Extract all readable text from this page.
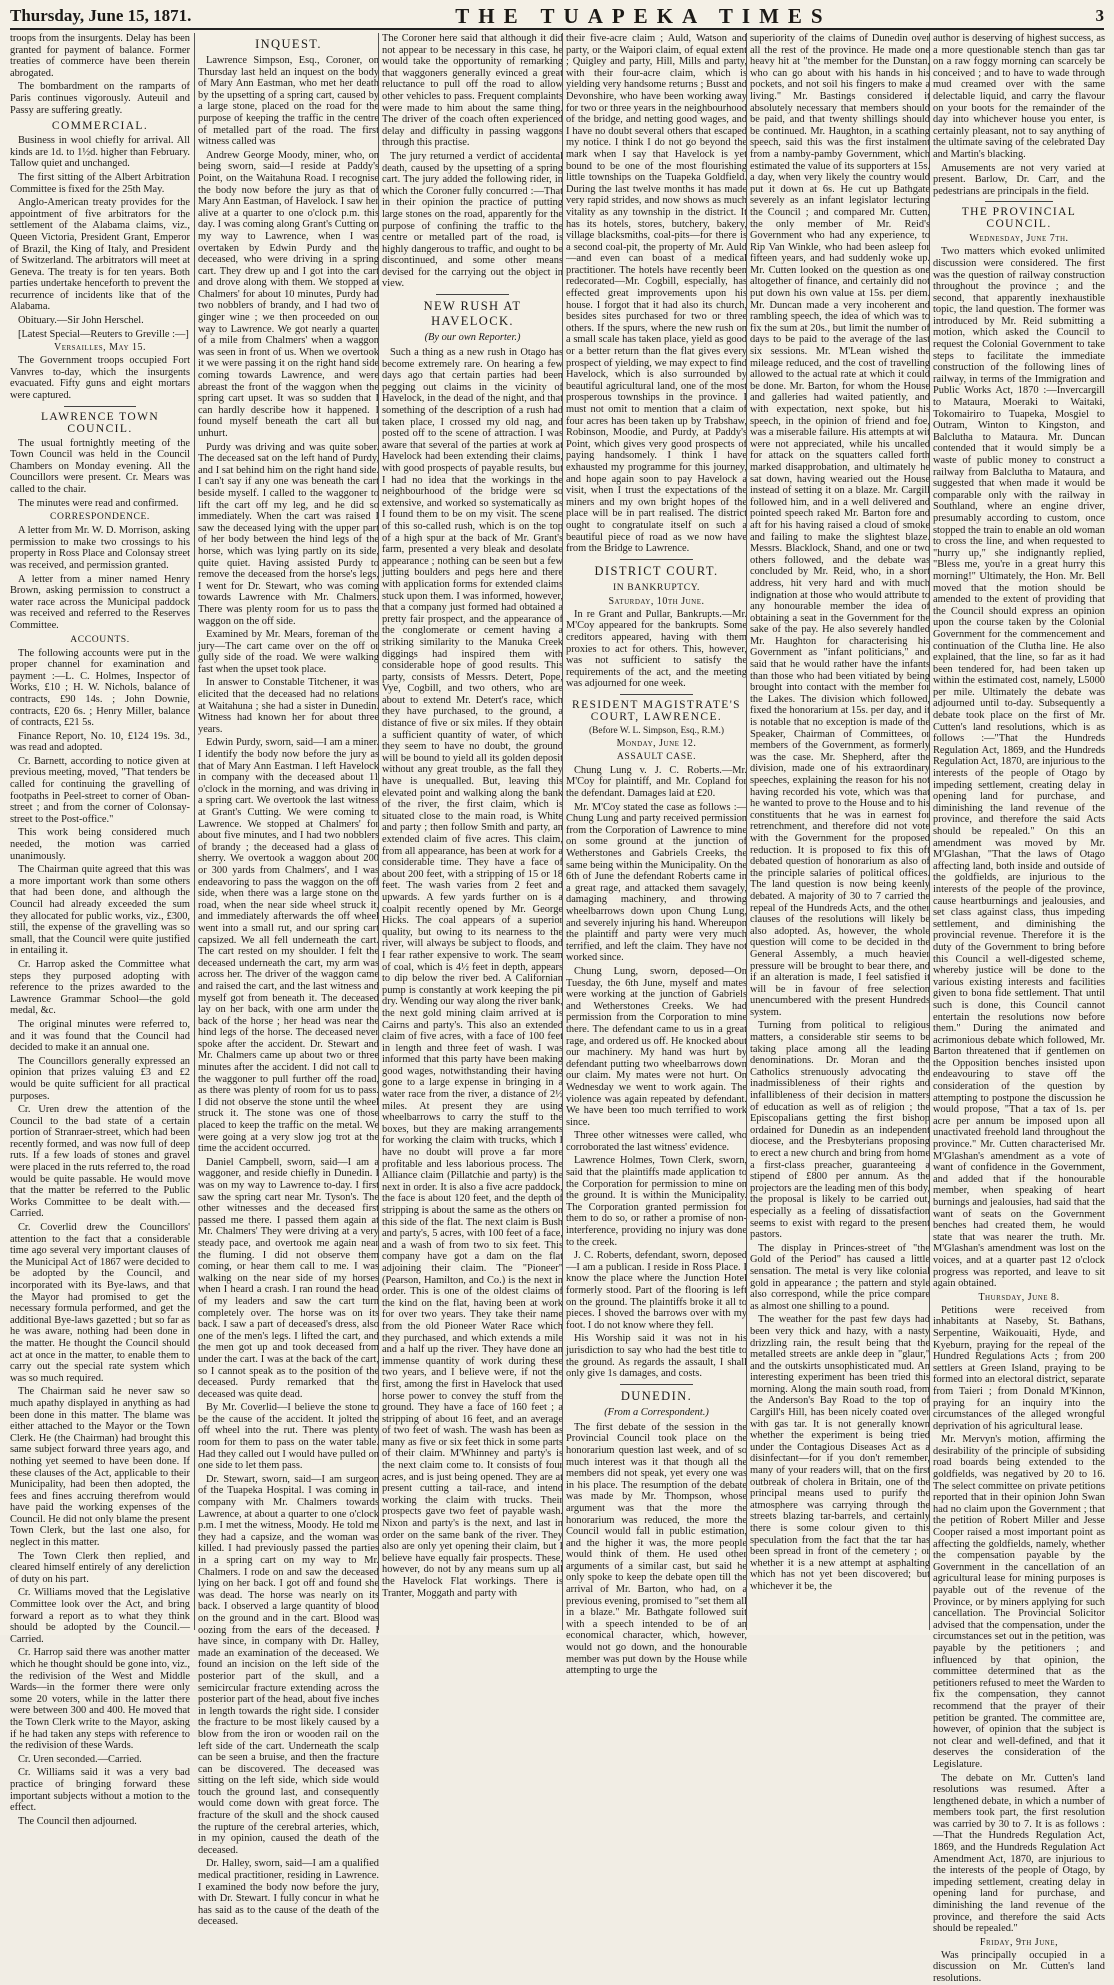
Thursday, June 15, 1871.	THE TUAPEKA TIMES	3

troops from the insurgents. Delay has been granted for payment of balance. Former treaties of commerce have been therein abrogated.

The bombardment on the ramparts of Paris continues vigorously. Auteuil and Passy are suffering greatly.

COMMERCIAL.

Business in wool chiefly for arrival. All kinds are 1d. to 1½d. higher than February. Tallow quiet and unchanged.

The first sitting of the Albert Arbitration Committee is fixed for the 25th May.

Anglo-American treaty provides for the appointment of five arbitrators for the settlement of the Alabama claims, viz., Queen Victoria, President Grant, Emperor of Brazil, the King of Italy, and President of Switzerland. The arbitrators will meet at Geneva. The treaty is for ten years. Both parties undertake henceforth to prevent the recurrence of incidents like that of the Alabama.

Obituary.—Sir John Herschel.

[Latest Special—Reuters to Greville :—]

Versailles, May 15.

The Government troops occupied Fort Vanvres to-day, which the insurgents evacuated. Fifty guns and eight mortars were captured.

LAWRENCE TOWN COUNCIL.

The usual fortnightly meeting of the Town Council was held in the Council Chambers on Monday evening. All the Councillors were present. Cr. Mears was called to the chair.

The minutes were read and confirmed.

CORRESPONDENCE.

A letter from Mr. W. D. Morrison, asking permission to make two crossings to his property in Ross Place and Colonsay street was received, and permission granted.

A letter from a miner named Henry Brown, asking permission to construct a water race across the Municipal paddock was received and referred to the Reserves Committee.

ACCOUNTS.

The following accounts were put in the proper channel for examination and payment :—L. C. Holmes, Inspector of Works, £10 ; H. W. Nichols, balance of contracts, £90 14s. ; John Downie, contracts, £20 6s. ; Henry Miller, balance of contracts, £21 5s.

Finance Report, No. 10, £124 19s. 3d., was read and adopted.

Cr. Barnett, according to notice given at previous meeting, moved, "That tenders be called for continuing the gravelling of footpaths in Peel-street to corner of Oban-street ; and from the corner of Colonsay-street to the Post-office."

This work being considered much needed, the motion was carried unanimously.

The Chairman quite agreed that this was a more important work than some others that had been done, and although the Council had already exceeded the sum they allocated for public works, viz., £300, still, the expense of the gravelling was so small, that the Council were quite justified in entailing it.

Cr. Harrop asked the Committee what steps they purposed adopting with reference to the prizes awarded to the Lawrence Grammar School—the gold medal, &c.

The original minutes were referred to, and it was found that the Council had decided to make it an annual one.

The Councillors generally expressed an opinion that prizes valuing £3 and £2 would be quite sufficient for all practical purposes.

Cr. Uren drew the attention of the Council to the bad state of a certain portion of Stranraer-street, which had been recently formed, and was now full of deep ruts. If a few loads of stones and gravel were placed in the ruts referred to, the road would be quite passable. He would move that the matter be referred to the Public Works Committee to be dealt with.—Carried.

Cr. Coverlid drew the Councillors' attention to the fact that a considerable time ago several very important clauses of the Municipal Act of 1867 were decided to be adopted by the Council, and incorporated with its Bye-laws, and that the Mayor had promised to get the necessary formula performed, and get the additional Bye-laws gazetted ; but so far as he was aware, nothing had been done in the matter. He thought the Council should act at once in the matter, to enable them to carry out the special rate system which was so much required.

The Chairman said he never saw so much apathy displayed in anything as had been done in this matter. The blame was either attached to the Mayor or the Town Clerk. He (the Chairman) had brought this same subject forward three years ago, and nothing yet seemed to have been done. If these clauses of the Act, applicable to their Municipality, had been then adopted, the fees and fines accruing therefrom would have paid the working expenses of the Council. He did not only blame the present Town Clerk, but the last one also, for neglect in this matter.

The Town Clerk then replied, and cleared himself entirely of any dereliction of duty on his part.

Cr. Williams moved that the Legislative Committee look over the Act, and bring forward a report as to what they think should be adopted by the Council.—Carried.

Cr. Harrop said there was another matter which he thought should be gone into, viz., the redivision of the West and Middle Wards—in the former there were only some 20 voters, while in the latter there were between 300 and 400. He moved that the Town Clerk write to the Mayor, asking if he had taken any steps with reference to the redivision of these Wards.

Cr. Uren seconded.—Carried.

Cr. Williams said it was a very bad practice of bringing forward these important subjects without a motion to the effect.

The Council then adjourned.

INQUEST.

Lawrence Simpson, Esq., Coroner, on Thursday last held an inquest on the body of Mary Ann Eastman, who met her death by the upsetting of a spring cart, caused by a large stone, placed on the road for the purpose of keeping the traffic in the centre of metalled part of the road. The first witness called was

Andrew George Moody, miner, who, on being sworn, said—I reside at Paddy's Point, on the Waitahuna Road. I recognise the body now before the jury as that of Mary Ann Eastman, of Havelock. I saw her alive at a quarter to one o'clock p.m. this day. I was coming along Grant's Cutting on my way to Lawrence, when I was overtaken by Edwin Purdy and the deceased, who were driving in a spring cart. They drew up and I got into the cart and drove along with them. We stopped at Chalmers' for about 10 minutes, Purdy had two nobblers of brandy, and I had two of ginger wine ; we then proceeded on our way to Lawrence. We got nearly a quarter of a mile from Chalmers' when a waggon was seen in front of us. When we overtook it we were passing it on the right hand side coming towards Lawrence, and were abreast the front of the waggon when the spring cart upset. It was so sudden that I can hardly describe how it happened. I found myself beneath the cart all but unhurt.

Purdy was driving and was quite sober. The deceased sat on the left hand of Purdy, and I sat behind him on the right hand side. I can't say if any one was beneath the cart beside myself. I called to the waggoner to lift the cart off my leg, and he did so immediately. When the cart was raised I saw the deceased lying with the upper part of her body between the hind legs of the horse, which was lying partly on its side, quite quiet. Having assisted Purdy to remove the deceased from the horse's legs, I went for Dr. Stewart, who was coming towards Lawrence with Mr. Chalmers. There was plenty room for us to pass the waggon on the off side.

Examined by Mr. Mears, foreman of the jury—The cart came over on the off or gully side of the road. We were walking fast when the upset took place.

In answer to Constable Titchener, it was elicited that the deceased had no relations at Waitahuna ; she had a sister in Dunedin. Witness had known her for about three years.

Edwin Purdy, sworn, said—I am a miner. I identify the body now before the jury as that of Mary Ann Eastman. I left Havelock in company with the deceased about 11 o'clock in the morning, and was driving in a spring cart. We overtook the last witness at Grant's Cutting. We were coming to Lawrence. We stopped at Chalmers' for about five minutes, and I had two nobblers of brandy ; the deceased had a glass of sherry. We overtook a waggon about 200 or 300 yards from Chalmers', and I was endeavoring to pass the waggon on the off side, when there was a large stone on the road, when the near side wheel struck it, and immediately afterwards the off wheel went into a small rut, and our spring cart capsized. We all fell underneath the cart. The cart rested on my shoulder. I felt the deceased underneath the cart, my arm was across her. The driver of the waggon came and raised the cart, and the last witness and myself got from beneath it. The deceased lay on her back, with one arm under the back of the horse ; her head was near the hind legs of the horse. The deceased never spoke after the accident. Dr. Stewart and Mr. Chalmers came up about two or three minutes after the accident. I did not call to the waggoner to pull further off the road, as there was plenty of room for us to pass. I did not observe the stone until the wheel struck it. The stone was one of those placed to keep the traffic on the metal. We were going at a very slow jog trot at the time the accident occurred.

Daniel Campbell, sworn, said—I am a waggoner, and reside chiefly in Dunedin. I was on my way to Lawrence to-day. I first saw the spring cart near Mr. Tyson's. The other witnesses and the deceased first passed me there. I passed them again at Mr. Chalmers' They were driving at a very steady pace, and overtook me again near the fluming. I did not observe them coming, or hear them call to me. I was walking on the near side of my horses when I heard a crash. I ran round the head of my leaders and saw the cart turn completely over. The horse was on its back. I saw a part of deceased's dress, also one of the men's legs. I lifted the cart, and the men got up and took deceased from under the cart. I was at the back of the cart, so I cannot speak as to the position of the deceased. Purdy remarked that the deceased was quite dead.

By Mr. Coverlid—I believe the stone to be the cause of the accident. It jolted the off wheel into the rut. There was plenty room for them to pass on the water table. Had they called out I would have pulled on one side to let them pass.

Dr. Stewart, sworn, said—I am surgeon of the Tuapeka Hospital. I was coming in company with Mr. Chalmers towards Lawrence, at about a quarter to one o'clock p.m. I met the witness, Moody. He told me they had a capsize, and the woman was killed. I had previously passed the parties in a spring cart on my way to Mr. Chalmers. I rode on and saw the deceased lying on her back. I got off and found she was dead. The horse was nearly on its back. I observed a large quantity of blood on the ground and in the cart. Blood was oozing from the ears of the deceased. I have since, in company with Dr. Halley, made an examination of the deceased. We found an incision on the left side of the posterior part of the skull, and a semicircular fracture extending across the posterior part of the head, about five inches in length towards the right side. I consider the fracture to be most likely caused by a blow from the iron or wooden rail on the left side of the cart. Underneath the scalp can be seen a bruise, and then the fracture can be discovered. The deceased was sitting on the left side, which side would touch the ground last, and consequently would come down with great force. The fracture of the skull and the shock caused the rupture of the cerebral arteries, which, in my opinion, caused the death of the deceased.

Dr. Halley, sworn, said—I am a qualified medical practitioner, residing in Lawrence. I examined the body now before the jury, with Dr. Stewart. I fully concur in what he has said as to the cause of the death of the deceased.

The Coroner here said that although it did not appear to be necessary in this case, he would take the opportunity of remarking that waggoners generally evinced a great reluctance to pull off the road to allow other vehicles to pass. Frequent complaints were made to him about the same thing. The driver of the coach often experienced delay and difficulty in passing waggons through this practise.

The jury returned a verdict of accidental death, caused by the upsetting of a spring cart. The jury added the following rider, in which the Coroner fully concurred :—That in their opinion the practice of putting large stones on the road, apparently for the purpose of confining the traffic to the centre or metalled part of the road, is highly dangerous to traffic, and ought to be discontinued, and some other means devised for the carrying out the object in view.

NEW RUSH AT HAVELOCK.
(By our own Reporter.)

Such a thing as a new rush in Otago has become extremely rare. On hearing a few days ago that certain parties had been pegging out claims in the vicinity of Havelock, in the dead of the night, and that something of the description of a rush had taken place, I crossed my old nag, and posted off to the scene of attraction. I was aware that several of the parties at work at Havelock had been extending their claims, with good prospects of payable results, but I had no idea that the workings in the neighbourhood of the bridge were so extensive, and worked so systematically as I found them to be on my visit. The scene of this so-called rush, which is on the top of a high spur at the back of Mr. Grant's farm, presented a very bleak and desolate appearance ; nothing can be seen but a few jutting boulders and pegs here and there with application forms for extended claims stuck upon them. I was informed, however, that a company just formed had obtained a pretty fair prospect, and the appearance of the conglomerate or cement having a striking similarity to the Manuka Creek diggings had inspired them with considerable hope of good results. This party, consists of Messrs. Detert, Pope, Vye, Cogbill, and two others, who are about to extend Mr. Detert's race, which they have purchased, to the ground, a distance of five or six miles. If they obtain a sufficient quantity of water, of which they seem to have no doubt, the ground will be bound to yield all its golden deposit without any great trouble, as the fall they have is unequalled. But, leaving this elevated point and walking along the bank of the river, the first claim, which is situated close to the main road, is White and party ; then follow Smith and party, an extended claim of five acres. This claim, from all appearance, has been at work for a considerable time. They have a face of about 200 feet, with a stripping of 15 or 18 feet. The wash varies from 2 feet and upwards. A few yards further on is a coalpit recently opened by Mr. George Hicks. The coal appears of a superior quality, but owing to its nearness to the river, will always be subject to floods, and I fear rather expensive to work. The seam of coal, which is 4½ feet in depth, appears to dip below the river bed. A Californian pump is constantly at work keeping the pit dry. Wending our way along the river bank, the next gold mining claim arrived at is Cairns and party's. This also an extended claim of five acres, with a face of 100 feet in length and three feet of wash. I was informed that this party have been making good wages, notwithstanding their having gone to a large expense in bringing in a water race from the river, a distance of 2½ miles. At present they are using wheelbarrows to carry the stuff to the boxes, but they are making arrangements for working the claim with trucks, which I have no doubt will prove a far more profitable and less laborious process. The Alliance claim (Pillatchie and party) is the next in order. It is also a five acre paddock, the face is about 120 feet, and the depth of stripping is about the same as the others on this side of the flat. The next claim is Bush and party's, 5 acres, with 100 feet of a face, and a wash of from two to six feet. This company have got a dam on the flat adjoining their claim. The "Pioneer" (Pearson, Hamilton, and Co.) is the next in order. This is one of the oldest claims of the kind on the flat, having been at work for over two years. They take their name from the old Pioneer Water Race which they purchased, and which extends a mile and a half up the river. They have done an immense quantity of work during these two years, and I believe were, if not the first, among the first in Havelock that used horse power to convey the stuff from the ground. They have a face of 160 feet ; a stripping of about 16 feet, and an average of two feet of wash. The wash has been as many as five or six feet thick in some parts of their claim. M'Whinney and party's is the next claim come to. It consists of four acres, and is just being opened. They are at present cutting a tail-race, and intend working the claim with trucks. Their prospects gave two feet of payable wash. Nixon and party's is the next, and last in order on the same bank of the river. They also are only yet opening their claim, but I believe have equally fair prospects. These, however, do not by any means sum up all the Havelock Flat workings. There is Tranter, Moggath and party with

their five-acre claim ; Auld, Watson and party, or the Waipori claim, of equal extent ; Quigley and party, Hill, Mills and party, with their four-acre claim, which is yielding very handsome returns ; Busst and Devonshire, who have been working away for two or three years in the neighbourhood of the bridge, and netting good wages, and I have no doubt several others that escaped my notice. I think I do not go beyond the mark when I say that Havelock is yet bound to be one of the most flourishing little townships on the Tuapeka Goldfield. During the last twelve months it has made very rapid strides, and now shows as much vitality as any township in the district. It has its hotels, stores, butchery, bakery, village blacksmiths, coal-pits—for there is a second coal-pit, the property of Mr. Auld—and even can boast of a medical practitioner. The hotels have recently been redecorated—Mr. Cogbill, especially, has effected great improvements upon his house. I forgot that it had also its church, besides sites purchased for two or three others. If the spurs, where the new rush on a small scale has taken place, yield as good or a better return than the flat gives every prospect of yielding, we may expect to find Havelock, which is also surrounded by beautiful agricultural land, one of the most prosperous townships in the province. I must not omit to mention that a claim of four acres has been taken up by Trabshaw, Robinson, Moodie, and Purdy, at Paddy's Point, which gives very good prospects of paying handsomely. I think I have exhausted my programme for this journey, and hope again soon to pay Havelock a visit, when I trust the expectations of the miners and my own bright hopes of the place will be in part realised. The district ought to congratulate itself on such a beautiful piece of road as we now have from the Bridge to Lawrence.

DISTRICT COURT.
IN BANKRUPTCY.
Saturday, 10th June.

In re Grant and Pullar, Bankrupts.—Mr. M'Coy appeared for the bankrupts. Some creditors appeared, having with them proxies to act for others. This, however, was not sufficient to satisfy the requirements of the act, and the meeting was adjourned for one week.

RESIDENT MAGISTRATE'S COURT, LAWRENCE.
(Before W. L. Simpson, Esq., R.M.)
Monday, June 12.
ASSAULT CASE.

Chung Lung v. J. C. Roberts.—Mr. M'Coy for plaintiff, and Mr. Copland for the defendant. Damages laid at £20.

Mr. M'Coy stated the case as follows :—Chung Lung and party received permission from the Corporation of Lawrence to mine on some ground at the junction of Wetherstones and Gabriels Creeks, the same being within the Municipality. On the 6th of June the defendant Roberts came in a great rage, and attacked them savagely, damaging machinery, and throwing wheelbarrows down upon Chung Lung, and severely injuring his hand. Whereupon the plaintiff and party were very much terrified, and left the claim. They have not worked since.

Chung Lung, sworn, deposed—On Tuesday, the 6th June, myself and mates were working at the junction of Gabriels and Wetherstones Creeks. We had permission from the Corporation to mine there. The defendant came to us in a great rage, and ordered us off. He knocked about our machinery. My hand was hurt by defendant putting two wheelbarrows down our claim. My mates were not hurt. On Wednesday we went to work again. The violence was again repeated by defendant. We have been too much terrified to work since.

Three other witnesses were called, who corroborated the last witness' evidence.

Lawrence Holmes, Town Clerk, sworn, said that the plaintiffs made application to the Corporation for permission to mine on the ground. It is within the Municipality. The Corporation granted permission for them to do so, or rather a promise of non-interference, providing no injury was done to the creek.

J. C. Roberts, defendant, sworn, deposed—I am a publican. I reside in Ross Place. I know the place where the Junction Hotel formerly stood. Part of the flooring is left on the ground. The plaintiffs broke it all to pieces. I shoved the barrows over with my foot. I do not know where they fell.

His Worship said it was not in his jurisdiction to say who had the best title to the ground. As regards the assault, I shall only give 1s damages, and costs.

DUNEDIN.
(From a Correspondent.)

The first debate of the session in the Provincial Council took place on the honorarium question last week, and of so much interest was it that though all the members did not speak, yet every one was in his place. The resumption of the debate was made by Mr. Thompson, whose argument was that the more the honorarium was reduced, the more the Council would fall in public estimation, and the higher it was, the more people would think of them. He used other arguments of a similar cast, but said he only spoke to keep the debate open till the arrival of Mr. Barton, who had, on a previous evening, promised to "set them all in a blaze." Mr. Bathgate followed suit with a speech intended to be of an economical character, which, however, would not go down, and the honourable member was put down by the House while attempting to urge the

superiority of the claims of Dunedin over all the rest of the province. He made one heavy hit at "the member for the Dunstan, who can go about with his hands in his pockets, and not soil his fingers to make a living." Mr. Bastings considered it absolutely necessary that members should be paid, and that twenty shillings should be continued. Mr. Haughton, in a scathing speech, said this was the first instalment from a namby-pamby Government, which estimated the value of its supporters at 15s. a day, when very likely the country would put it down at 6s. He cut up Bathgate severely as an infant legislator lecturing the Council ; and compared Mr. Cutten, the only member of Mr. Reid's Government who had any experience, to Rip Van Winkle, who had been asleep for fifteen years, and had suddenly woke up. Mr. Cutten looked on the question as one altogether of finance, and certainly did not put down his own value at 15s. per diem. Mr. Duncan made a very incoherent and rambling speech, the idea of which was to fix the sum at 20s., but limit the number of days to be paid to the average of the last six sessions. Mr. M'Lean wished the mileage reduced, and the cost of travelling allowed to the actual rate at which it could be done. Mr. Barton, for whom the House and galleries had waited patiently, and with expectation, next spoke, but his speech, in the opinion of friend and foe, was a miserable failure. His attempts at wit were not appreciated, while his uncalled for attack on the squatters called forth marked disapprobation, and ultimately he sat down, having wearied out the House instead of setting it on a blaze. Mr. Cargill followed him, and in a well delivered and pointed speech raked Mr. Barton fore and aft for his having raised a cloud of smoke and failing to make the slightest blaze. Messrs. Blacklock, Shand, and one or two others followed, and the debate was concluded by Mr. Reid, who, in a short address, hit very hard and with much indignation at those who would attribute to any honourable member the idea of obtaining a seat in the Government for the sake of the pay. He also severely handled Mr. Haughton for characterising his Government as "infant politicians," and said that he would rather have the infants than those who had been vitiated by being brought into contact with the member for the Lakes. The division which followed, fixed the honorarium at 15s. per day, and it is notable that no exception is made of the Speaker, Chairman of Committees, or members of the Government, as formerly was the case. Mr. Shepherd, after the division, made one of his extraordinary speeches, explaining the reason for his not having recorded his vote, which was that he wanted to prove to the House and to his constituents that he was in earnest for retrenchment, and therefore did not vote with the Government for the proposed reduction. It is proposed to fix this oft debated question of honorarium as also of the principle salaries of political offices. The land question is now being keenly debated. A majority of 30 to 7 carried the repeal of the Hundreds Acts, and the other clauses of the resolutions will likely be also adopted. As, however, the whole question will come to be decided in the General Assembly, a much heavier pressure will be brought to bear there, and if an alteration is made, I feel satisfied it will be in favour of free selection unencumbered with the present Hundreds system.

Turning from political to religious matters, a considerable stir seems to be taking place among all the leading denominations. Dr. Moran and the Catholics strenuously advocating the inadmissibleness of their rights and infallibleness of their decision in matters of education as well as of religion ; the Episcopalians getting the first bishop ordained for Dunedin as an independent diocese, and the Presbyterians proposing to erect a new church and bring from home a first-class preacher, guaranteeing a stipend of £800 per annum. As the projectors are the leading men of this body, the proposal is likely to be carried out, especially as a feeling of dissatisfaction seems to exist with regard to the present pastors.

The display in Princes-street of "the Gold of the Period" has caused a little sensation. The metal is very like colonial gold in appearance ; the pattern and style also correspond, while the price compare as almost one shilling to a pound.

The weather for the past few days had been very thick and hazy, with a nasty drizzling rain, the result being that the metalled streets are ankle deep in "glaur," and the outskirts unsophisticated mud. An interesting experiment has been tried this morning. Along the main south road, from the Anderson's Bay Road to the top of Cargill's Hill, has been nicely coated over with gas tar. It is not generally known whether the experiment is being tried under the Contagious Diseases Act as a disinfectant—for if you don't remember, many of your readers will, that on the first outbreak of cholera in Britain, one of the principal means used to purify the atmosphere was carrying through the streets blazing tar-barrels, and certainly there is some colour given to this speculation from the fact that the tar has been spread in front of the cemetery ; or whether it is a new attempt at asphalting which has not yet been discovered; but whichever it be, the

author is deserving of highest success, as a more questionable stench than gas tar on a raw foggy morning can scarcely be conceived ; and to have to wade through mud creamed over with the same delectable liquid, and carry the flavour on your boots for the remainder of the day into whichever house you enter, is certainly pleasant, not to say anything of the ultimate saving of the celebrated Day and Martin's blacking.

Amusements are not very varied at present. Barlow, Dr. Carr, and the pedestrians are principals in the field.

THE PROVINCIAL COUNCIL.
Wednesday, June 7th.

Two matters which evoked unlimited discussion were considered. The first was the question of railway construction throughout the province ; and the second, that apparently inexhaustible topic, the land question. The former was introduced by Mr. Reid submitting a motion, which asked the Council to request the Colonial Government to take steps to facilitate the immediate construction of the following lines of railway, in terms of the Immigration and Public Works Act, 1870 :—Invercargill to Mataura, Moeraki to Waitaki, Tokomairiro to Tuapeka, Mosgiel to Outram, Winton to Kingston, and Balclutha to Mataura. Mr. Duncan contended that it would simply be a waste of public money to construct a railway from Balclutha to Mataura, and suggested that when made it would be comparable only with the railway in Southland, where an engine driver, presumably according to custom, once stopped the train to enable an old woman to cross the line, and when requested to "hurry up," she indignantly replied, "Bless me, you're in a great hurry this morning!" Ultimately, the Hon. Mr. Bell moved that the motion should be amended to the extent of providing that the Council should express an opinion upon the course taken by the Colonial Government for the commencement and continuation of the Clutha line. He also explained, that the line, so far as it had been tendered for, had been taken up within the estimated cost, namely, L5000 per mile. Ultimately the debate was adjourned until to-day. Subsequently a debate took place on the first of Mr. Cutten's land resolutions, which is as follows :—"That the Hundreds Regulation Act, 1869, and the Hundreds Regulation Act, 1870, are injurious to the interests of the people of Otago by impeding settlement, creating delay in opening land for purchase, and diminishing the land revenue of the province, and therefore the said Acts should be repealed." On this an amendment was moved by Mr. M'Glashan, "That the laws of Otago affecting land, both inside and outside of the goldfields, are injurious to the interests of the people of the province, cause heartburnings and jealousies, and set class against class, thus impeding settlement, and diminishing the provincial revenue. Therefore it is the duty of the Government to bring before this Council a well-digested scheme, whereby justice will be done to the various existing interests and facilities given to bona fide settlement. That until such is done, this Council cannot entertain the resolutions now before them." During the animated and acrimonious debate which followed, Mr. Barton threatened that if gentlemen on the Opposition benches insisted upon endeavouring to stave off the consideration of the question by attempting to postpone the discussion he would propose, "That a tax of 1s. per acre per annum be imposed upon all unactivated freehold land throughout the province." Mr. Cutten characterised Mr. M'Glashan's amendment as a vote of want of confidence in the Government, and added that if the honourable member, when speaking of heart burnings and jealousies, had said that the want of seats on the Government benches had created them, he would state that was nearer the truth. Mr. M'Glashan's amendment was lost on the voices, and at a quarter past 12 o'clock progress was reported, and leave to sit again obtained.

Thursday, June 8.

Petitions were received from inhabitants at Naseby, St. Bathans, Serpentine, Waikouaiti, Hyde, and Kyeburn, praying for the repeal of the Hundred Regulations Acts ; from 200 settlers at Green Island, praying to be formed into an electoral district, separate from Taieri ; from Donald M'Kinnon, praying for an inquiry into the circumstances of the alleged wrongful deprivation of his agricultural lease.

Mr. Mervyn's motion, affirming the desirability of the principle of subsiding road boards being extended to the goldfields, was negatived by 20 to 16. The select committee on private petitions reported that in their opinion John Swan had no claim upon the Government ; that the petition of Robert Miller and Jesse Cooper raised a most important point as affecting the goldfields, namely, whether the compensation payable by the Government in the cancellation of an agricultural lease for mining purposes is payable out of the revenue of the Province, or by miners applying for such cancellation. The Provincial Solicitor advised that the compensation, under the circumstances set out in the petition, was payable by the petitioners ; and influenced by that opinion, the committee determined that as the petitioners refused to meet the Warden to fix the compensation, they cannot recommend that the prayer of their petition be granted. The committee are, however, of opinion that the subject is not clear and well-defined, and that it deserves the consideration of the Legislature.

The debate on Mr. Cutten's land resolutions was resumed. After a lengthened debate, in which a number of members took part, the first resolution was carried by 30 to 7. It is as follows :—That the Hundreds Regulation Act, 1869, and the Hundreds Regulation Act Amendment Act, 1870, are injurious to the interests of the people of Otago, by impeding settlement, creating delay in opening land for purchase, and diminishing the land revenue of the province, and therefore the said Acts should be repealed."

Friday, 9th June,

Was principally occupied in a discussion on Mr. Cutten's land resolutions.
